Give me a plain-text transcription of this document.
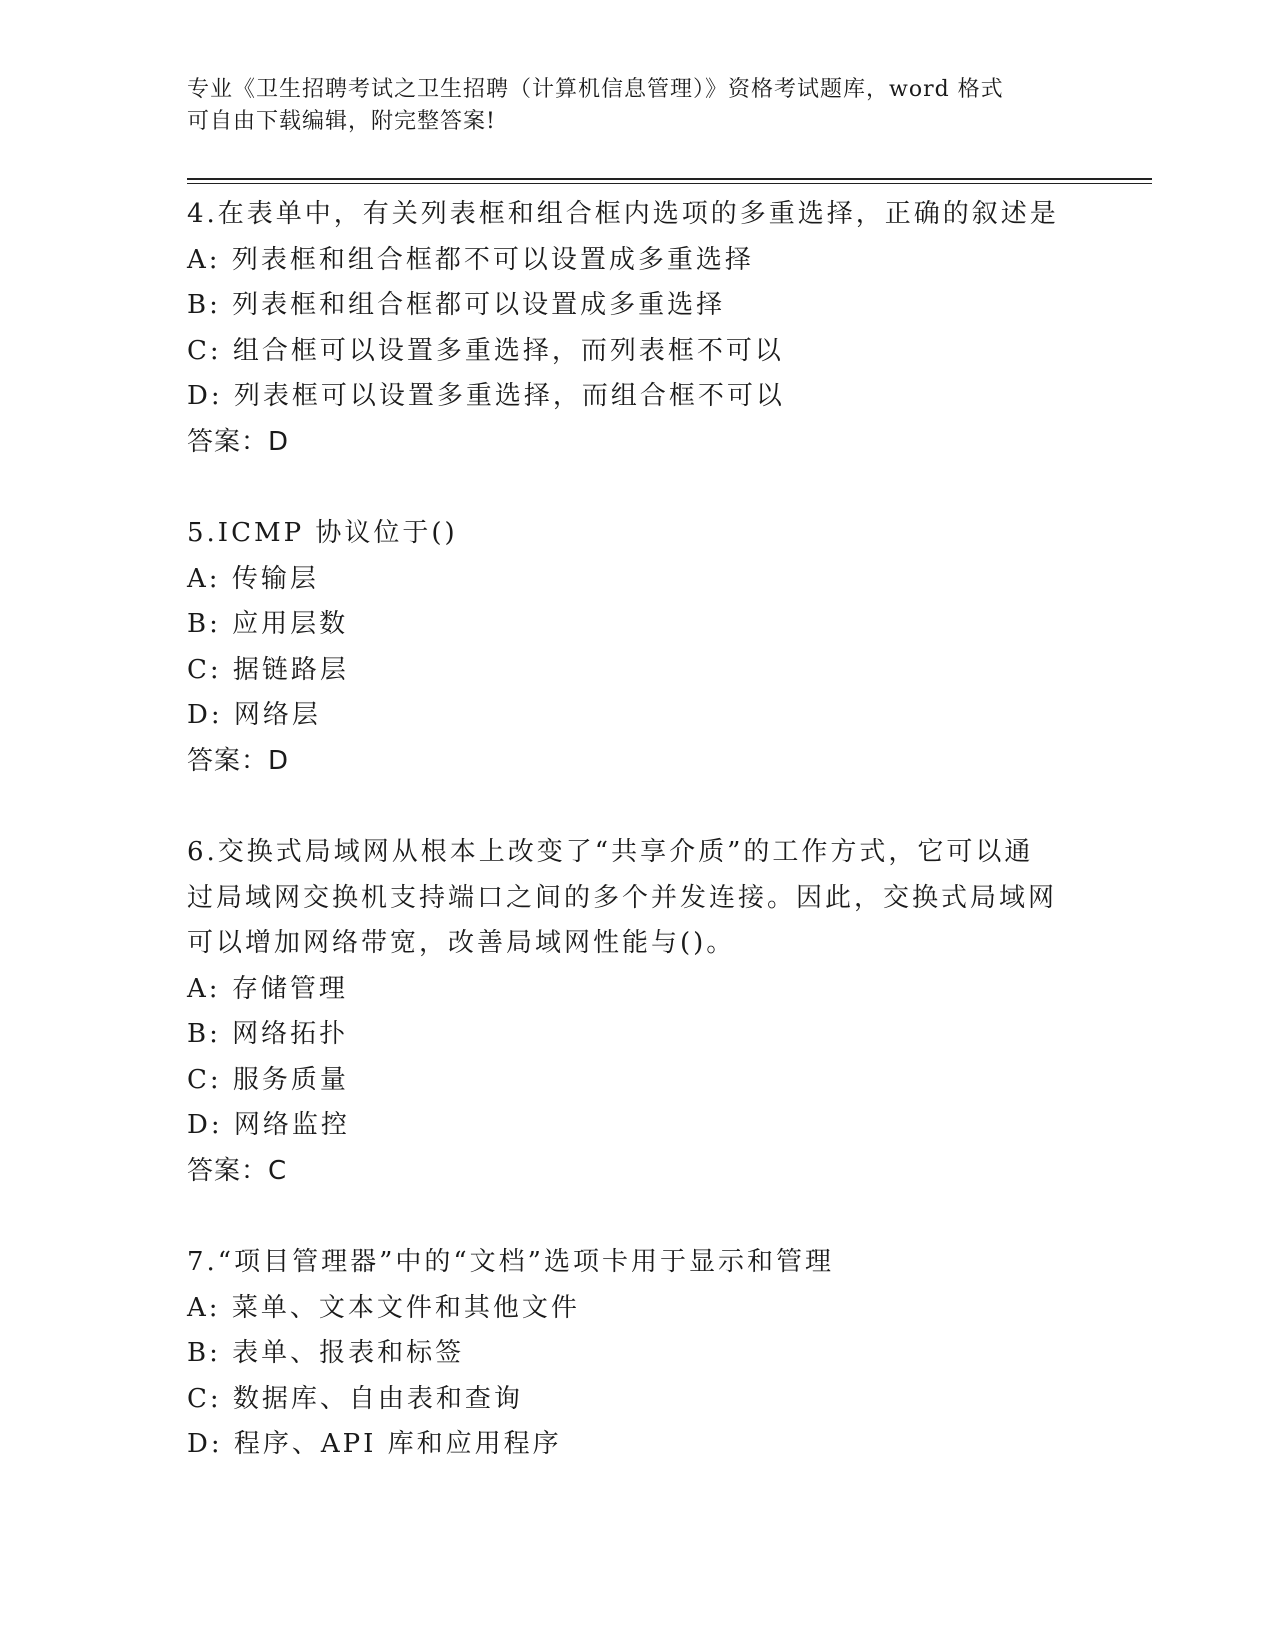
专业《卫生招聘考试之卫生招聘（计算机信息管理）》资格考试题库，word 格式
可自由下载编辑，附完整答案!
4.在表单中，有关列表框和组合框内选项的多重选择，正确的叙述是
A: 列表框和组合框都不可以设置成多重选择
B: 列表框和组合框都可以设置成多重选择
C: 组合框可以设置多重选择，而列表框不可以
D: 列表框可以设置多重选择，而组合框不可以
答案：D
5.ICMP 协议位于()
A: 传输层
B: 应用层数
C: 据链路层
D: 网络层
答案：D
6.交换式局域网从根本上改变了“共享介质”的工作方式，它可以通
过局域网交换机支持端口之间的多个并发连接。因此，交换式局域网
可以增加网络带宽，改善局域网性能与()。
A: 存储管理
B: 网络拓扑
C: 服务质量
D: 网络监控
答案：C
7.“项目管理器”中的“文档”选项卡用于显示和管理
A: 菜单、文本文件和其他文件
B: 表单、报表和标签
C: 数据库、自由表和查询
D: 程序、API 库和应用程序
